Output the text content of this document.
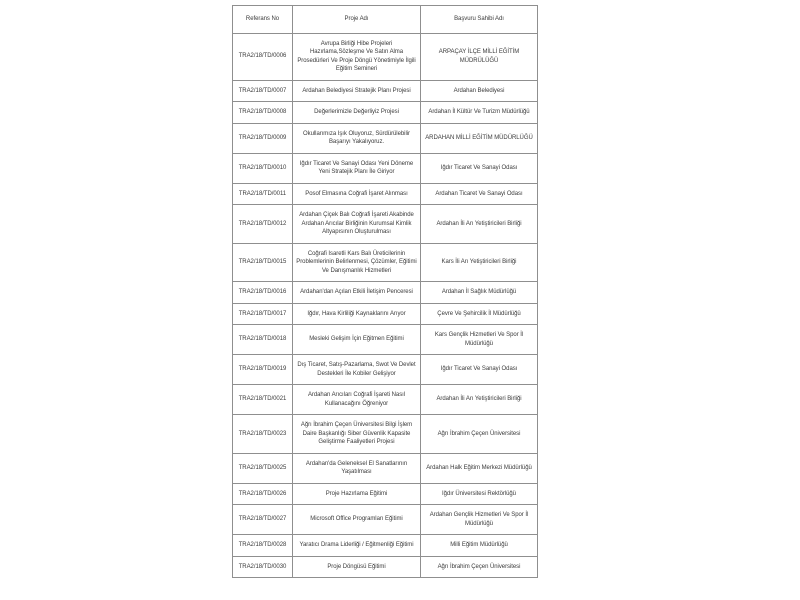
Referans No	Proje Adı	Başvuru Sahibi Adı
TRA2/18/TD/0006	Avrupa Birliği Hibe Projeleri Hazırlama,Sözleşme Ve Satın Alma Prosedürleri Ve Proje Döngü Yönetimiyle İlgili Eğitim Semineri	ARPAÇAY İLÇE MİLLİ EĞİTİM MÜDRÜLÜĞÜ
TRA2/18/TD/0007	Ardahan Belediyesi Stratejik Planı Projesi	Ardahan Belediyesi
TRA2/18/TD/0008	Değerlerimizle Değerliyiz Projesi	Ardahan İl Kültür Ve Turizm Müdürlüğü
TRA2/18/TD/0009	Okullarımıza Işık Oluyoruz, Sürdürülebilir Başarıyı Yakalıyoruz.	ARDAHAN MİLLİ EĞİTİM MÜDÜRLÜĞÜ
TRA2/18/TD/0010	Iğdır Ticaret Ve Sanayi Odası Yeni Döneme Yeni Stratejik Planı İle Giriyor	Iğdır Ticaret Ve Sanayi Odası
TRA2/18/TD/0011	Posof Elmasına Coğrafi İşaret Alınması	Ardahan Ticaret Ve Sanayi Odası
TRA2/18/TD/0012	Ardahan Çiçek Balı Coğrafi İşareti Akabinde Ardahan Arıcılar Birliğinin Kurumsal Kimlik Altyapısının Oluşturulması	Ardahan İli Arı Yetiştiricileri Birliği
TRA2/18/TD/0015	Coğrafi Isaretli Kars Balı Üreticilerinin Problemlerinin Belirlenmesi, Çözümler, Eğitimi Ve Danışmanlık Hizmetleri	Kars İli Arı Yetiştiricileri Birliği
TRA2/18/TD/0016	Ardahan'dan Açılan Etkili İletişim Penceresi	Ardahan İl Sağlık Müdürlüğü
TRA2/18/TD/0017	Iğdır, Hava Kirliliği Kaynaklarını Arıyor	Çevre Ve Şehircilik İl Müdürlüğü
TRA2/18/TD/0018	Mesleki Gelişim İçin Eğitmen Eğitimi	Kars Gençlik Hizmetleri Ve Spor İl Müdürlüğü
TRA2/18/TD/0019	Dış Ticaret, Satış-Pazarlama, Swot Ve Devlet Destekleri İle Kobiler Gelişiyor	Iğdır Ticaret Ve Sanayi Odası
TRA2/18/TD/0021	Ardahan Arıcıları Coğrafi İşareti Nasıl Kullanacağını Öğreniyor	Ardahan İli Arı Yetiştiricileri Birliği
TRA2/18/TD/0023	Ağrı İbrahim Çeçen Üniversitesi Bilgi İşlem Daire Başkanlığı Siber Güvenlik Kapasite Geliştirme Faaliyetleri Projesi	Ağrı İbrahim Çeçen Üniversitesi
TRA2/18/TD/0025	Ardahan'da Geleneksel El Sanatlarının Yaşatılması	Ardahan Halk Eğitim Merkezi Müdürlüğü
TRA2/18/TD/0026	Proje Hazırlama Eğitimi	Iğdır Üniversitesi Rektörlüğü
TRA2/18/TD/0027	Microsoft Office Programları Eğitimi	Ardahan Gençlik Hizmetleri Ve Spor İl Müdürlüğü
TRA2/18/TD/0028	Yaratıcı Drama Liderliği / Eğitmenliği Eğitimi	Milli Eğitim Müdürlüğü
TRA2/18/TD/0030	Proje Döngüsü Eğitimi	Ağrı İbrahim Çeçen Üniversitesi
